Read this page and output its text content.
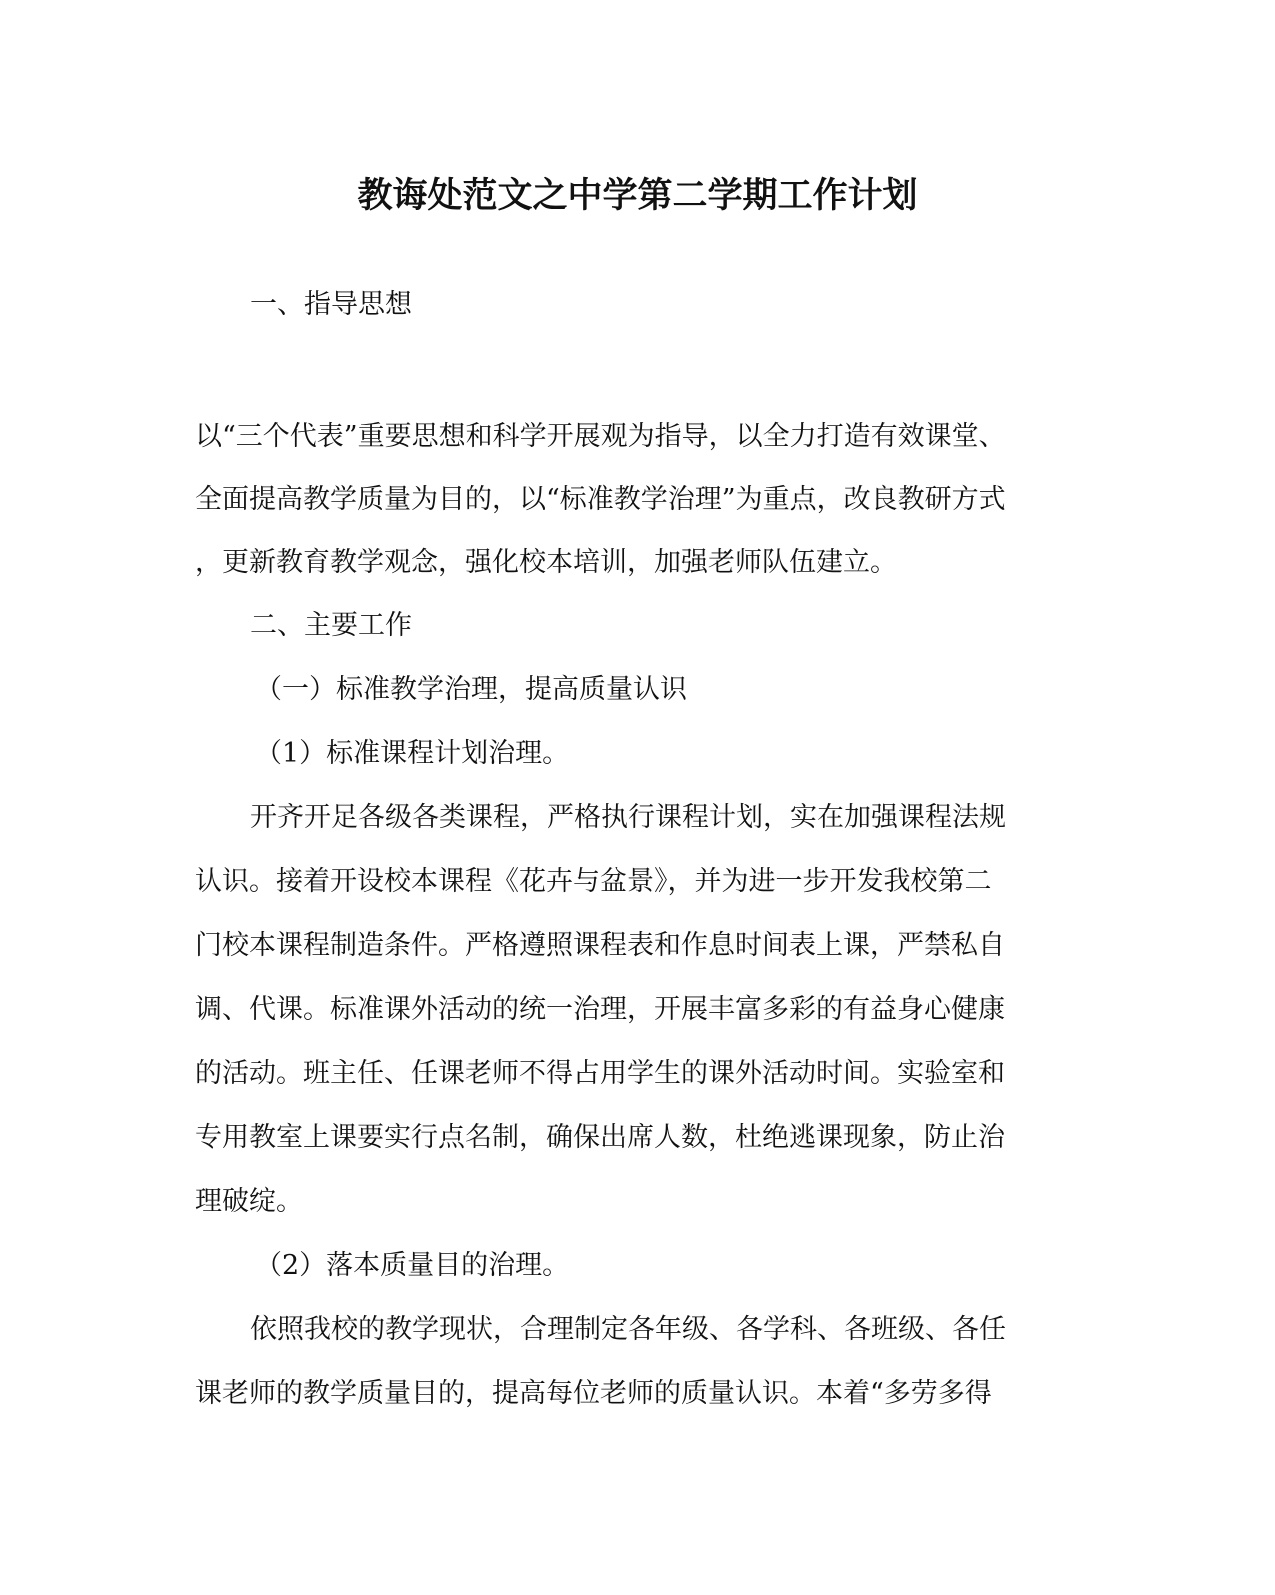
教诲处范文之中学第二学期工作计划

一、指导思想

以“三个代表”重要思想和科学开展观为指导，以全力打造有效课堂、

全面提高教学质量为目的，以“标准教学治理”为重点，改良教研方式

，更新教育教学观念，强化校本培训，加强老师队伍建立。

二、主要工作

（一）标准教学治理，提高质量认识

（1）标准课程计划治理。

开齐开足各级各类课程，严格执行课程计划，实在加强课程法规

认识。接着开设校本课程《花卉与盆景》，并为进一步开发我校第二

门校本课程制造条件。严格遵照课程表和作息时间表上课，严禁私自

调、代课。标准课外活动的统一治理，开展丰富多彩的有益身心健康

的活动。班主任、任课老师不得占用学生的课外活动时间。实验室和

专用教室上课要实行点名制，确保出席人数，杜绝逃课现象，防止治

理破绽。

（2）落本质量目的治理。

依照我校的教学现状，合理制定各年级、各学科、各班级、各任

课老师的教学质量目的，提高每位老师的质量认识。本着“多劳多得
